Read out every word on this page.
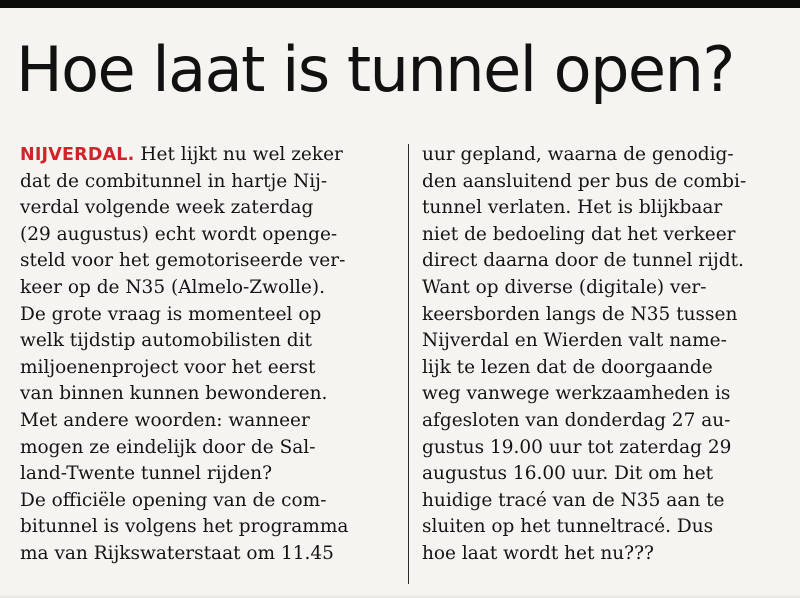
Hoe laat is tunnel open?
NIJVERDAL. Het lijkt nu wel zeker
dat de combitunnel in hartje Nij-
verdal volgende week zaterdag
(29 augustus) echt wordt openge-
steld voor het gemotoriseerde ver-
keer op de N35 (Almelo-Zwolle).
De grote vraag is momenteel op
welk tijdstip automobilisten dit
miljoenenproject voor het eerst
van binnen kunnen bewonderen.
Met andere woorden: wanneer
mogen ze eindelijk door de Sal-
land-Twente tunnel rijden?
De officiële opening van de com-
bitunnel is volgens het programma
ma van Rijkswaterstaat om 11.45
uur gepland, waarna de genodig-
den aansluitend per bus de combi-
tunnel verlaten. Het is blijkbaar
niet de bedoeling dat het verkeer
direct daarna door de tunnel rijdt.
Want op diverse (digitale) ver-
keersborden langs de N35 tussen
Nijverdal en Wierden valt name-
lijk te lezen dat de doorgaande
weg vanwege werkzaamheden is
afgesloten van donderdag 27 au-
gustus 19.00 uur tot zaterdag 29
augustus 16.00 uur. Dit om het
huidige tracé van de N35 aan te
sluiten op het tunneltracé. Dus
hoe laat wordt het nu???
